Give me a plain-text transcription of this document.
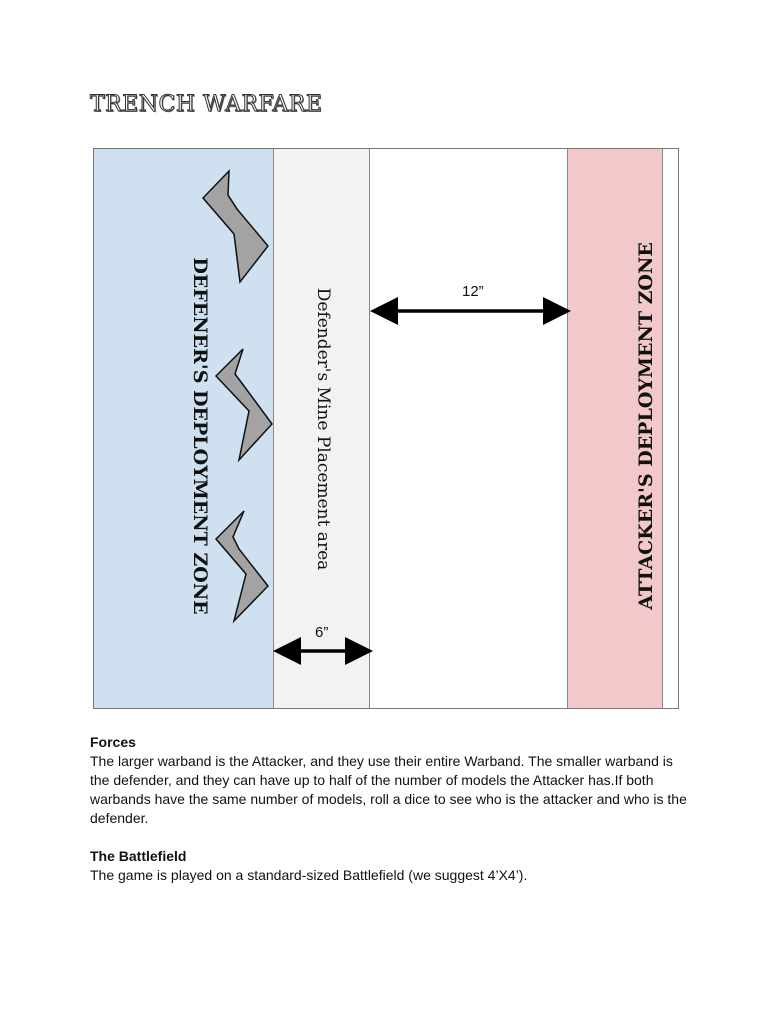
TRENCH WARFARE
DEFENER'S DEPLOYMENT ZONE	Defender's Mine Placement area	ATTACKER'S DEPLOYMENT ZONE
12”
6”

Forces

The larger warband is the Attacker, and they use their entire Warband. The smaller warband is the defender, and they can have up to half of the number of models the Attacker has.If both warbands have the same number of models, roll a dice to see who is the attacker and who is the defender.

The Battlefield

The game is played on a standard-sized Battlefield (we suggest 4’X4’).
